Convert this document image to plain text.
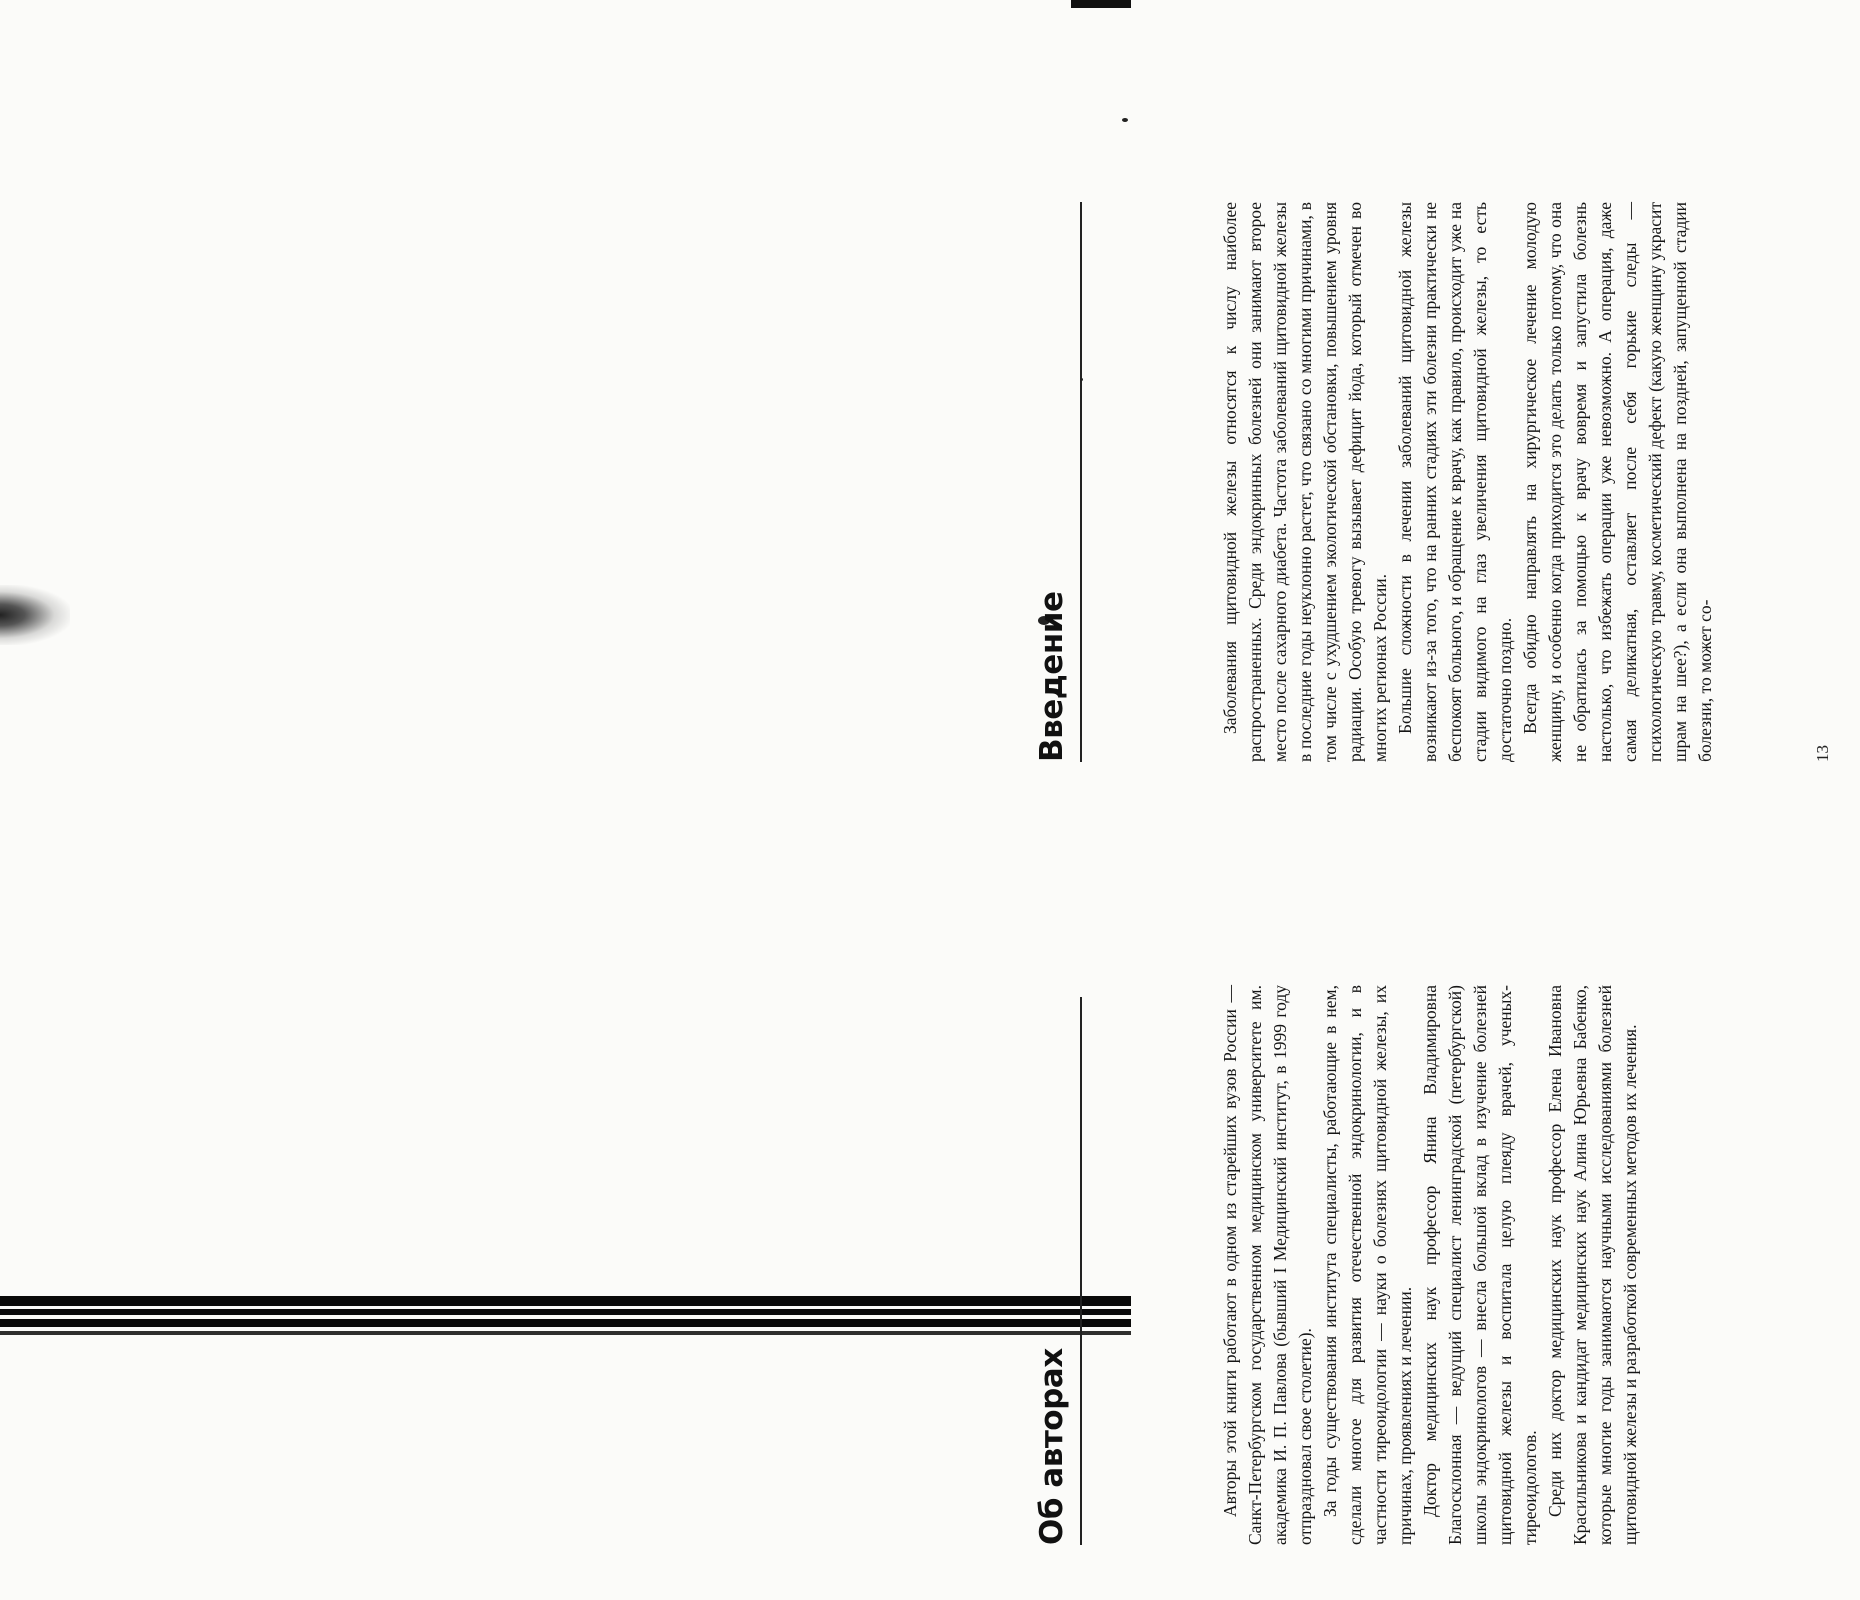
Об авторах	Авторы этой книги работают в одном из старейших вузов России — Санкт-Петербургском государственном медицинском университете им. академика И. П. Павлова (бывший I Медицинский институт, в 1999 году отпраздновал свое столетие). За годы существования института специалисты, работающие в нем, сделали многое для развития отечественной эндокринологии, и в частности тиреоидологии — науки о болезнях щитовидной железы, их причинах, проявлениях и лечении. Доктор медицинских наук профессор Янина Владимировна Благосклонная — ведущий специалист ленинградской (петербургской) школы эндокринологов — внесла большой вклад в изучение болезней щитовидной железы и воспитала целую плеяду врачей, ученых-тиреоидологов. Среди них доктор медицинских наук профессор Елена Ивановна Красильникова и кандидат медицинских наук Алина Юрьевна Бабенко, которые многие годы занимаются научными исследованиями болезней щитовидной железы и разработкой современных методов их лечения.

Введение	Заболевания щитовидной железы относятся к числу наиболее распространенных. Среди эндокринных болезней они занимают второе место после сахарного диабета. Частота заболеваний щитовидной железы в последние годы неуклонно растет, что связано со многими причинами, в том числе с ухудшением экологической обстановки, повышением уровня радиации. Особую тревогу вызывает дефицит йода, который отмечен во многих регионах России. Большие сложности в лечении заболеваний щитовидной железы возникают из-за того, что на ранних стадиях эти болезни практически не беспокоят больного, и обращение к врачу, как правило, происходит уже на стадии видимого на глаз увеличения щитовидной железы, то есть достаточно поздно. Всегда обидно направлять на хирургическое лечение молодую женщину, и особенно когда приходится это делать только потому, что она не обратилась за помощью к врачу вовремя и запустила болезнь настолько, что избежать операции уже невозможно. А операция, даже самая деликатная, оставляет после себя горькие следы — психологическую травму, косметический дефект (какую женщину украсит шрам на шее?), а если она выполнена на поздней, запущенной стадии болезни, то может со-	13
